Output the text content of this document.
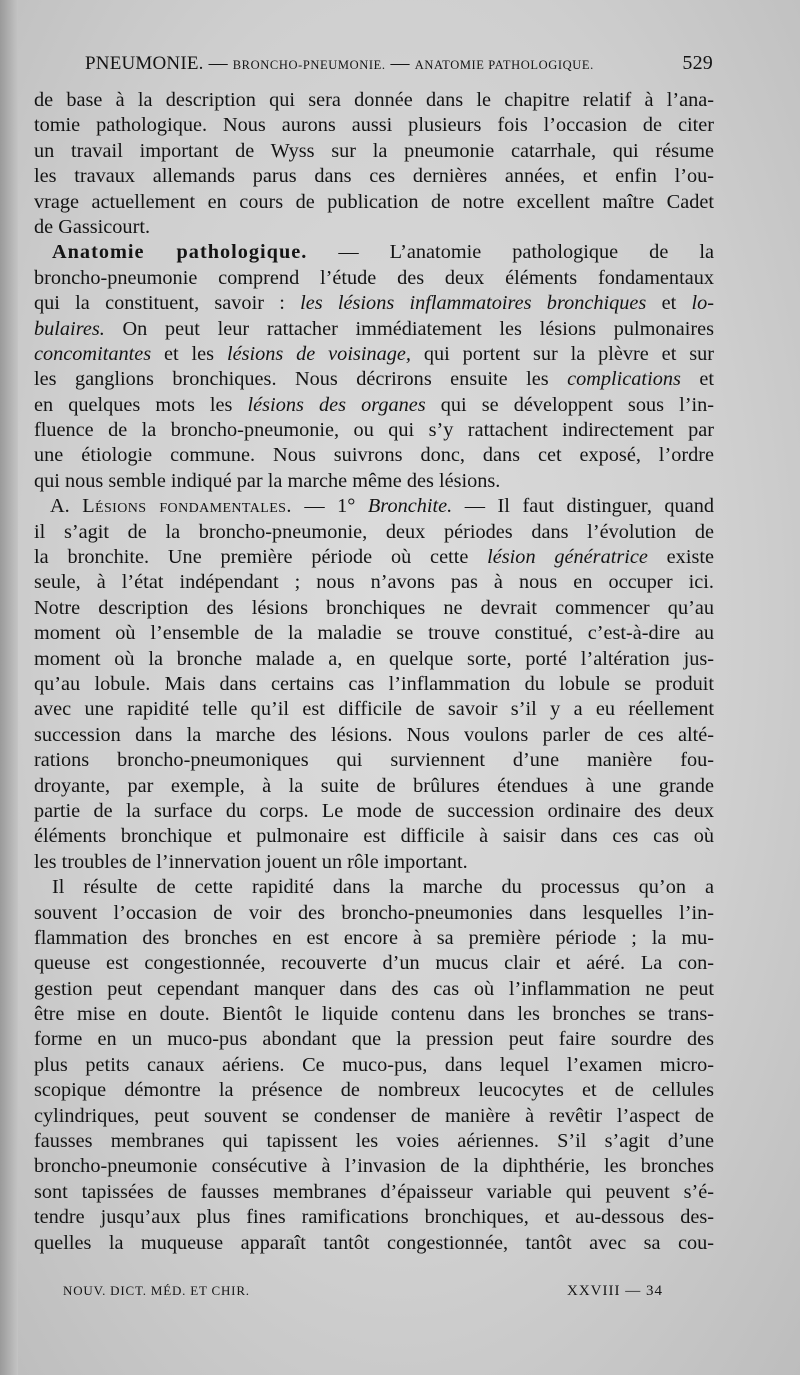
PNEUMONIE. — BRONCHO-PNEUMONIE. — ANATOMIE PATHOLOGIQUE.	529
de base à la description qui sera donnée dans le chapitre relatif à l’ana-
tomie pathologique. Nous aurons aussi plusieurs fois l’occasion de citer
un travail important de Wyss sur la pneumonie catarrhale, qui résume
les travaux allemands parus dans ces dernières années, et enfin l’ou-
vrage actuellement en cours de publication de notre excellent maître Cadet
de Gassicourt.
Anatomie pathologique. — L’anatomie pathologique de la
broncho-pneumonie comprend l’étude des deux éléments fondamentaux
qui la constituent, savoir : les lésions inflammatoires bronchiques et lo-
bulaires. On peut leur rattacher immédiatement les lésions pulmonaires
concomitantes et les lésions de voisinage, qui portent sur la plèvre et sur
les ganglions bronchiques. Nous décrirons ensuite les complications et
en quelques mots les lésions des organes qui se développent sous l’in-
fluence de la broncho-pneumonie, ou qui s’y rattachent indirectement par
une étiologie commune. Nous suivrons donc, dans cet exposé, l’ordre
qui nous semble indiqué par la marche même des lésions.
A. Lésions fondamentales. — 1° Bronchite. — Il faut distinguer, quand
il s’agit de la broncho-pneumonie, deux périodes dans l’évolution de
la bronchite. Une première période où cette lésion génératrice existe
seule, à l’état indépendant ; nous n’avons pas à nous en occuper ici.
Notre description des lésions bronchiques ne devrait commencer qu’au
moment où l’ensemble de la maladie se trouve constitué, c’est-à-dire au
moment où la bronche malade a, en quelque sorte, porté l’altération jus-
qu’au lobule. Mais dans certains cas l’inflammation du lobule se produit
avec une rapidité telle qu’il est difficile de savoir s’il y a eu réellement
succession dans la marche des lésions. Nous voulons parler de ces alté-
rations broncho-pneumoniques qui surviennent d’une manière fou-
droyante, par exemple, à la suite de brûlures étendues à une grande
partie de la surface du corps. Le mode de succession ordinaire des deux
éléments bronchique et pulmonaire est difficile à saisir dans ces cas où
les troubles de l’innervation jouent un rôle important.
Il résulte de cette rapidité dans la marche du processus qu’on a
souvent l’occasion de voir des broncho-pneumonies dans lesquelles l’in-
flammation des bronches en est encore à sa première période ; la mu-
queuse est congestionnée, recouverte d’un mucus clair et aéré. La con-
gestion peut cependant manquer dans des cas où l’inflammation ne peut
être mise en doute. Bientôt le liquide contenu dans les bronches se trans-
forme en un muco-pus abondant que la pression peut faire sourdre des
plus petits canaux aériens. Ce muco-pus, dans lequel l’examen micro-
scopique démontre la présence de nombreux leucocytes et de cellules
cylindriques, peut souvent se condenser de manière à revêtir l’aspect de
fausses membranes qui tapissent les voies aériennes. S’il s’agit d’une
broncho-pneumonie consécutive à l’invasion de la diphthérie, les bronches
sont tapissées de fausses membranes d’épaisseur variable qui peuvent s’é-
tendre jusqu’aux plus fines ramifications bronchiques, et au-dessous des-
quelles la muqueuse apparaît tantôt congestionnée, tantôt avec sa cou-
NOUV. DICT. MÉD. ET CHIR.	XXVIII — 34
